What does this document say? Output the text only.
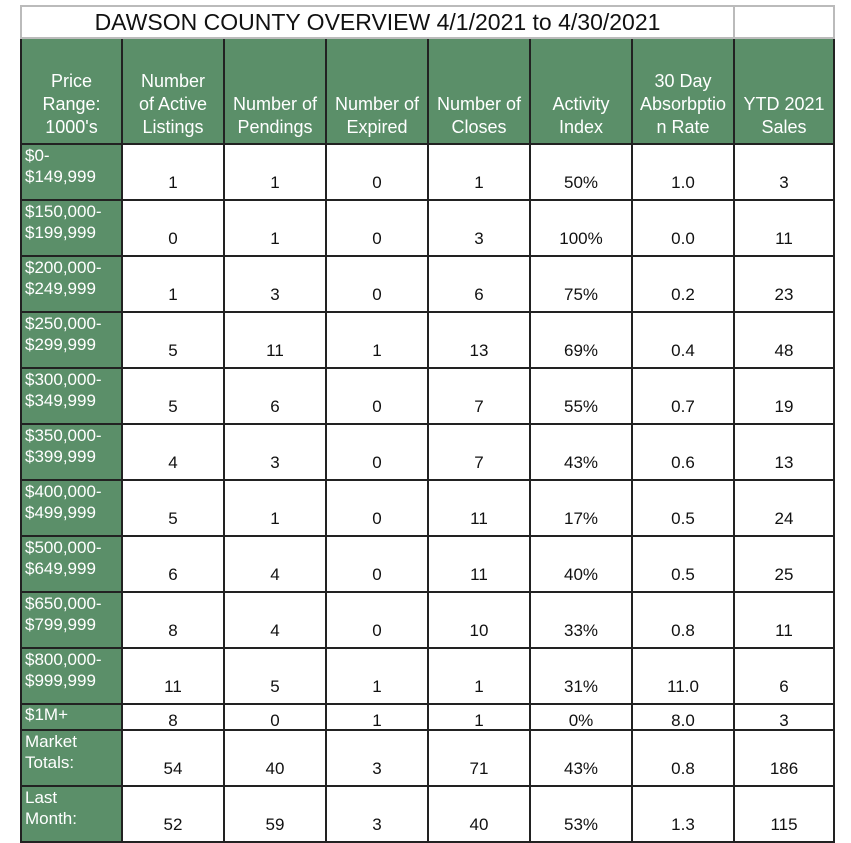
DAWSON COUNTY OVERVIEW 4/1/2021 to 4/30/2021							
Price
Range:
1000's	Number
of Active
Listings	Number of
Pendings	Number of
Expired	Number of
Closes	Activity
Index	30 Day
Absorbptio
n Rate	YTD 2021
Sales
$0-
$149,999	1	1	0	1	50%	1.0	3
$150,000-
$199,999	0	1	0	3	100%	0.0	11
$200,000-
$249,999	1	3	0	6	75%	0.2	23
$250,000-
$299,999	5	11	1	13	69%	0.4	48
$300,000-
$349,999	5	6	0	7	55%	0.7	19
$350,000-
$399,999	4	3	0	7	43%	0.6	13
$400,000-
$499,999	5	1	0	11	17%	0.5	24
$500,000-
$649,999	6	4	0	11	40%	0.5	25
$650,000-
$799,999	8	4	0	10	33%	0.8	11
$800,000-
$999,999	11	5	1	1	31%	11.0	6
$1M+	8	0	1	1	0%	8.0	3
Market
Totals:	54	40	3	71	43%	0.8	186
Last
Month:	52	59	3	40	53%	1.3	115
